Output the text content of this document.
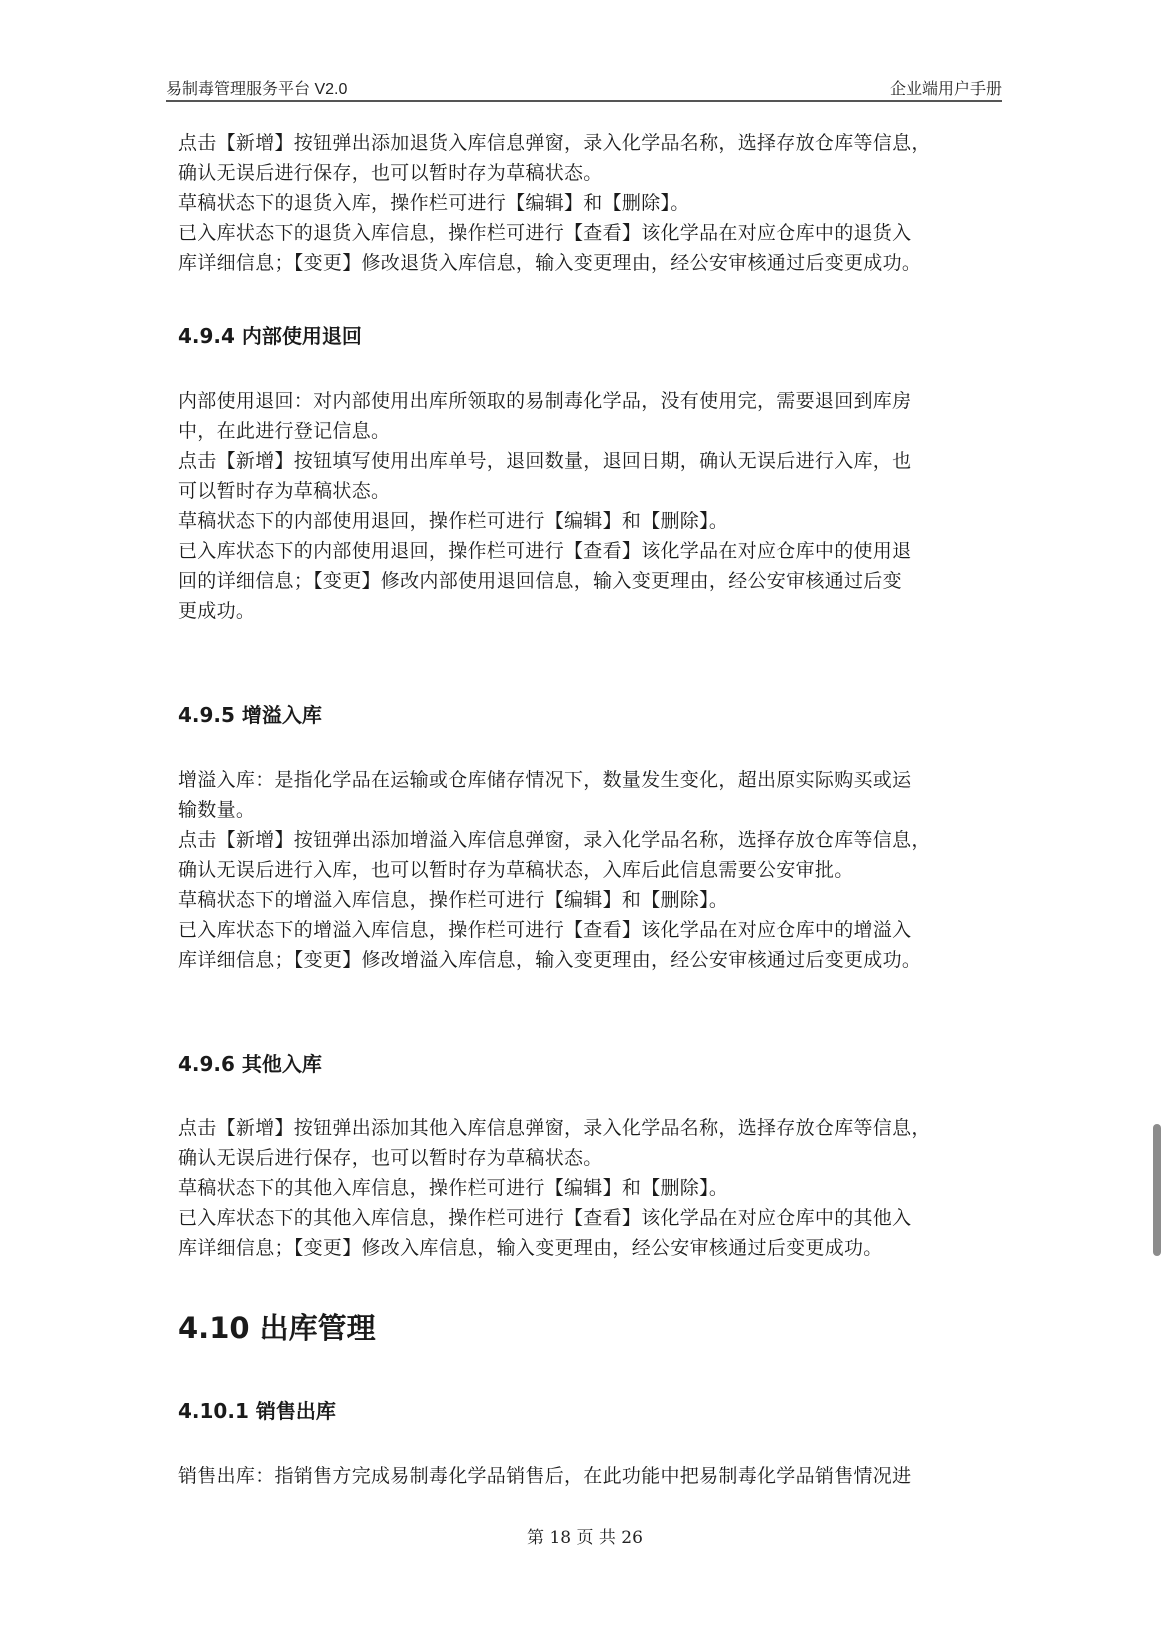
易制毒管理服务平台 V2.0	企业端用户手册
点击【新增】按钮弹出添加退货入库信息弹窗，录入化学品名称，选择存放仓库等信息，
确认无误后进行保存，也可以暂时存为草稿状态。
草稿状态下的退货入库，操作栏可进行【编辑】和【删除】。
已入库状态下的退货入库信息，操作栏可进行【查看】该化学品在对应仓库中的退货入
库详细信息；【变更】修改退货入库信息，输入变更理由，经公安审核通过后变更成功。
4.9.4 内部使用退回
内部使用退回：对内部使用出库所领取的易制毒化学品，没有使用完，需要退回到库房
中，在此进行登记信息。
点击【新增】按钮填写使用出库单号，退回数量，退回日期，确认无误后进行入库，也
可以暂时存为草稿状态。
草稿状态下的内部使用退回，操作栏可进行【编辑】和【删除】。
已入库状态下的内部使用退回，操作栏可进行【查看】该化学品在对应仓库中的使用退
回的详细信息；【变更】修改内部使用退回信息，输入变更理由，经公安审核通过后变
更成功。
4.9.5 增溢入库
增溢入库：是指化学品在运输或仓库储存情况下，数量发生变化，超出原实际购买或运
输数量。
点击【新增】按钮弹出添加增溢入库信息弹窗，录入化学品名称，选择存放仓库等信息，
确认无误后进行入库，也可以暂时存为草稿状态，入库后此信息需要公安审批。
草稿状态下的增溢入库信息，操作栏可进行【编辑】和【删除】。
已入库状态下的增溢入库信息，操作栏可进行【查看】该化学品在对应仓库中的增溢入
库详细信息；【变更】修改增溢入库信息，输入变更理由，经公安审核通过后变更成功。
4.9.6 其他入库
点击【新增】按钮弹出添加其他入库信息弹窗，录入化学品名称，选择存放仓库等信息，
确认无误后进行保存，也可以暂时存为草稿状态。
草稿状态下的其他入库信息，操作栏可进行【编辑】和【删除】。
已入库状态下的其他入库信息，操作栏可进行【查看】该化学品在对应仓库中的其他入
库详细信息；【变更】修改入库信息，输入变更理由，经公安审核通过后变更成功。
4.10 出库管理
4.10.1 销售出库
销售出库：指销售方完成易制毒化学品销售后，在此功能中把易制毒化学品销售情况进
第 18 页 共 26
